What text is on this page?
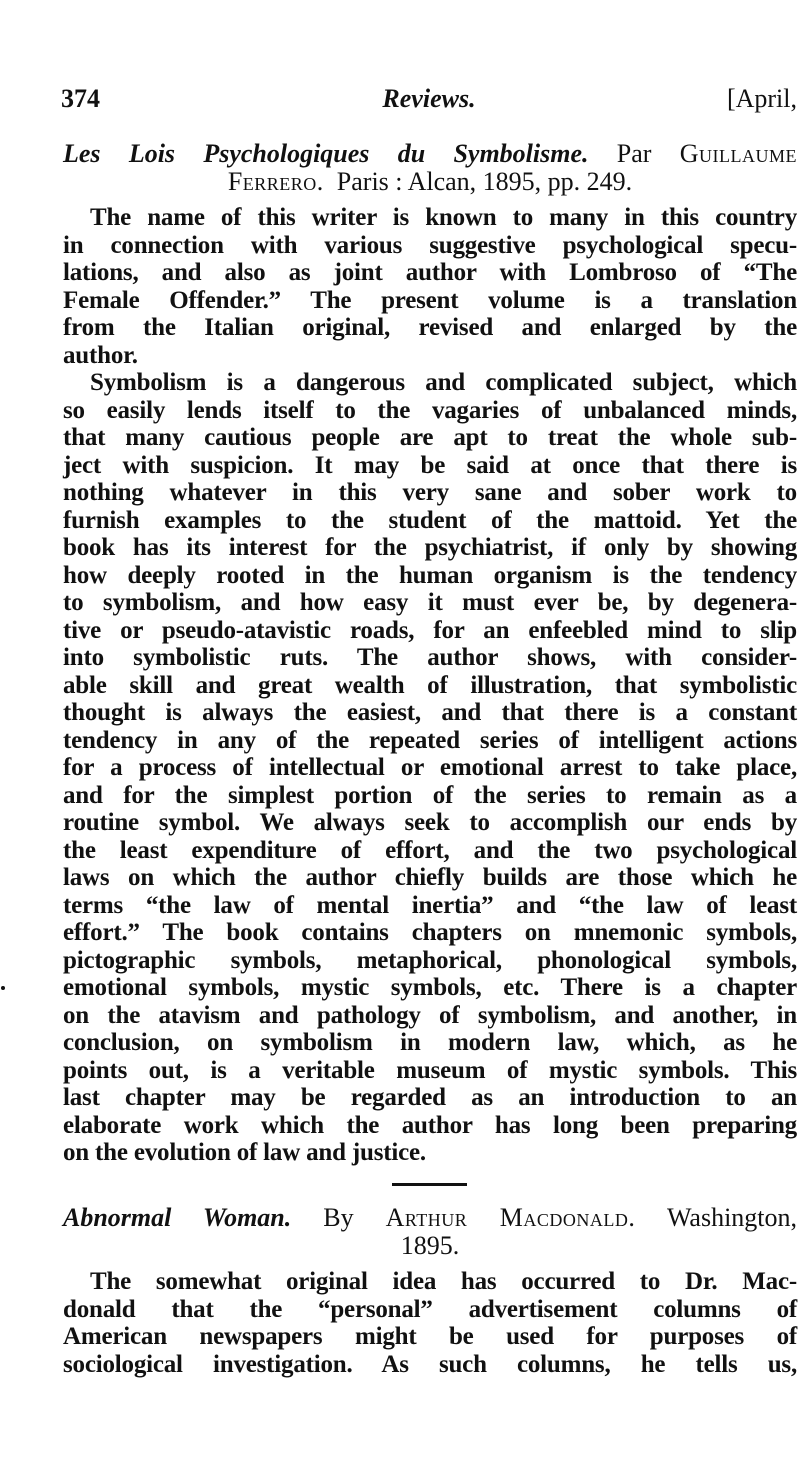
374	Reviews.	[April,
Les Lois Psychologiques du Symbolisme. Par Guillaume
Ferrero. Paris : Alcan, 1895, pp. 249.
The name of this writer is known to many in this country
in connection with various suggestive psychological specu-
lations, and also as joint author with Lombroso of “The
Female Offender.” The present volume is a translation
from the Italian original, revised and enlarged by the
author.
Symbolism is a dangerous and complicated subject, which
so easily lends itself to the vagaries of unbalanced minds,
that many cautious people are apt to treat the whole sub-
ject with suspicion. It may be said at once that there is
nothing whatever in this very sane and sober work to
furnish examples to the student of the mattoid. Yet the
book has its interest for the psychiatrist, if only by showing
how deeply rooted in the human organism is the tendency
to symbolism, and how easy it must ever be, by degenera-
tive or pseudo-atavistic roads, for an enfeebled mind to slip
into symbolistic ruts. The author shows, with consider-
able skill and great wealth of illustration, that symbolistic
thought is always the easiest, and that there is a constant
tendency in any of the repeated series of intelligent actions
for a process of intellectual or emotional arrest to take place,
and for the simplest portion of the series to remain as a
routine symbol. We always seek to accomplish our ends by
the least expenditure of effort, and the two psychological
laws on which the author chiefly builds are those which he
terms “the law of mental inertia” and “the law of least
effort.” The book contains chapters on mnemonic symbols,
pictographic symbols, metaphorical, phonological symbols,
emotional symbols, mystic symbols, etc. There is a chapter
on the atavism and pathology of symbolism, and another, in
conclusion, on symbolism in modern law, which, as he
points out, is a veritable museum of mystic symbols. This
last chapter may be regarded as an introduction to an
elaborate work which the author has long been preparing
on the evolution of law and justice.
Abnormal Woman. By Arthur Macdonald. Washington,
1895.
The somewhat original idea has occurred to Dr. Mac-
donald that the “personal” advertisement columns of
American newspapers might be used for purposes of
sociological investigation. As such columns, he tells us,
